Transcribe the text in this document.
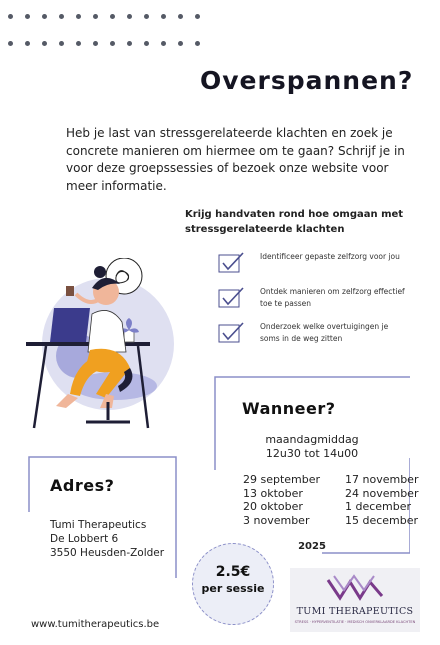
Overspannen?
Heb je last van stressgerelateerde klachten en zoek je concrete manieren om hiermee om te gaan? Schrijf je in voor deze groepssessies of bezoek onze website voor meer informatie.
Krijg handvaten rond hoe omgaan met stressgerelateerde klachten
Identificeer gepaste zelfzorg voor jou
Ontdek manieren om zelfzorg effectief toe te passen
Onderzoek welke overtuigingen je soms in de weg zitten
Wanneer?
maandagmiddag
12u30 tot 14u00
29 september
13 oktober
20 oktober
3 november
17 november
24 november
1 december
15 december
2025
Adres?
Tumi Therapeutics
De Lobbert 6
3550 Heusden-Zolder
2.5€
per sessie
www.tumitherapeutics.be
TUMI THERAPEUTICS
STRESS · HYPERVENTILATIE · MEDISCH ONVERKLAARDE KLACHTEN
